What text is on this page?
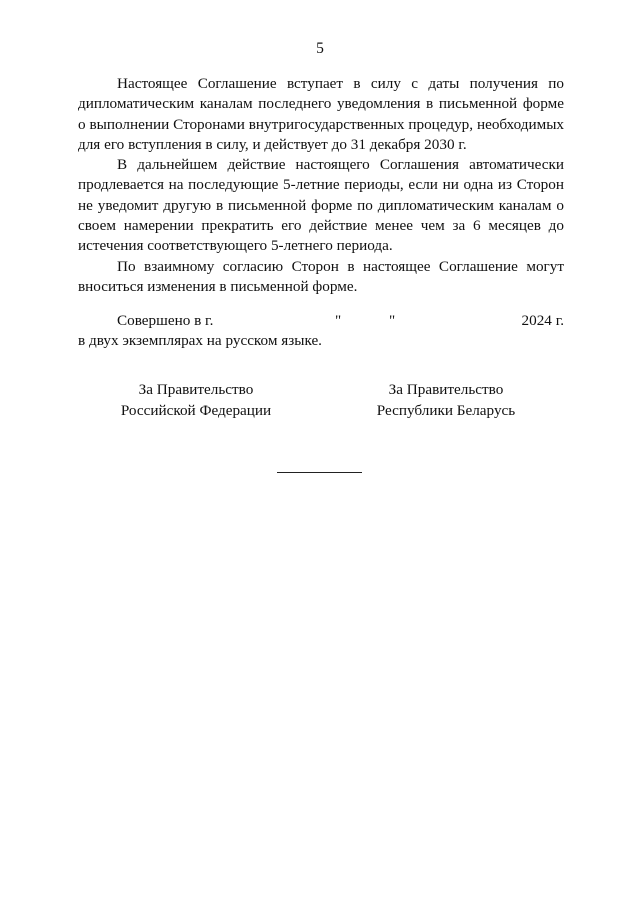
5

Настоящее Соглашение вступает в силу с даты получения по дипломатическим каналам последнего уведомления в письменной форме о выполнении Сторонами внутригосударственных процедур, необходимых для его вступления в силу, и действует до 31 декабря 2030 г.

В дальнейшем действие настоящего Соглашения автоматически продлевается на последующие 5-летние периоды, если ни одна из Сторон не уведомит другую в письменной форме по дипломатическим каналам о своем намерении прекратить его действие менее чем за 6 месяцев до истечения соответствующего 5-летнего периода.

По взаимному согласию Сторон в настоящее Соглашение могут вноситься изменения в письменной форме.

Совершено в г.	"	"	2024 г.
в двух экземплярах на русском языке.
За Правительство
Российской Федерации
За Правительство
Республики Беларусь
